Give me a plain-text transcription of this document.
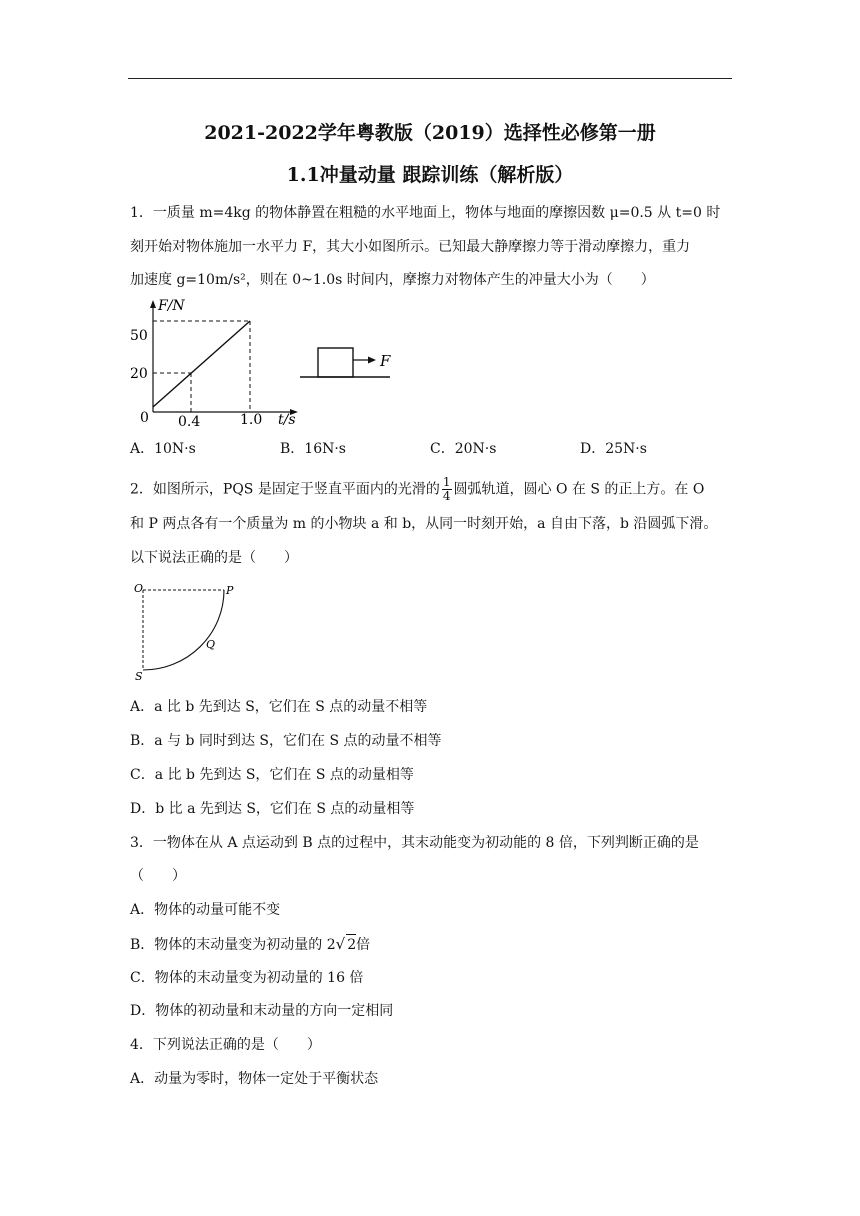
2021-2022学年粤教版（2019）选择性必修第一册
1.1冲量动量 跟踪训练（解析版）
1．一质量 m=4kg 的物体静置在粗糙的水平地面上，物体与地面的摩擦因数 μ=0.5 从 t=0 时
刻开始对物体施加一水平力 F，其大小如图所示。已知最大静摩擦力等于滑动摩擦力，重力
加速度 g=10m/s²，则在 0~1.0s 时间内，摩擦力对物体产生的冲量大小为（　　）
F/N
50
20
0 0.4	1.0 t/s
F
A．10N·s	B．16N·s	C．20N·s	D．25N·s
2．如图所示，PQS 是固定于竖直平面内的光滑的 $\frac{1}{4}$ 圆弧轨道，圆心 O 在 S 的正上方。在 O
和 P 两点各有一个质量为 m 的小物块 a 和 b，从同一时刻开始，a 自由下落，b 沿圆弧下滑。
以下说法正确的是（　　）
O	P
Q
S
A．a 比 b 先到达 S，它们在 S 点的动量不相等
B．a 与 b 同时到达 S，它们在 S 点的动量不相等
C．a 比 b 先到达 S，它们在 S 点的动量相等
D．b 比 a 先到达 S，它们在 S 点的动量相等
3．一物体在从 A 点运动到 B 点的过程中，其末动能变为初动能的 8 倍，下列判断正确的是
（　　）
A．物体的动量可能不变
B．物体的末动量变为初动量的 2√ 2倍
C．物体的末动量变为初动量的 16 倍
D．物体的初动量和末动量的方向一定相同
4．下列说法正确的是（　　）
A．动量为零时，物体一定处于平衡状态
